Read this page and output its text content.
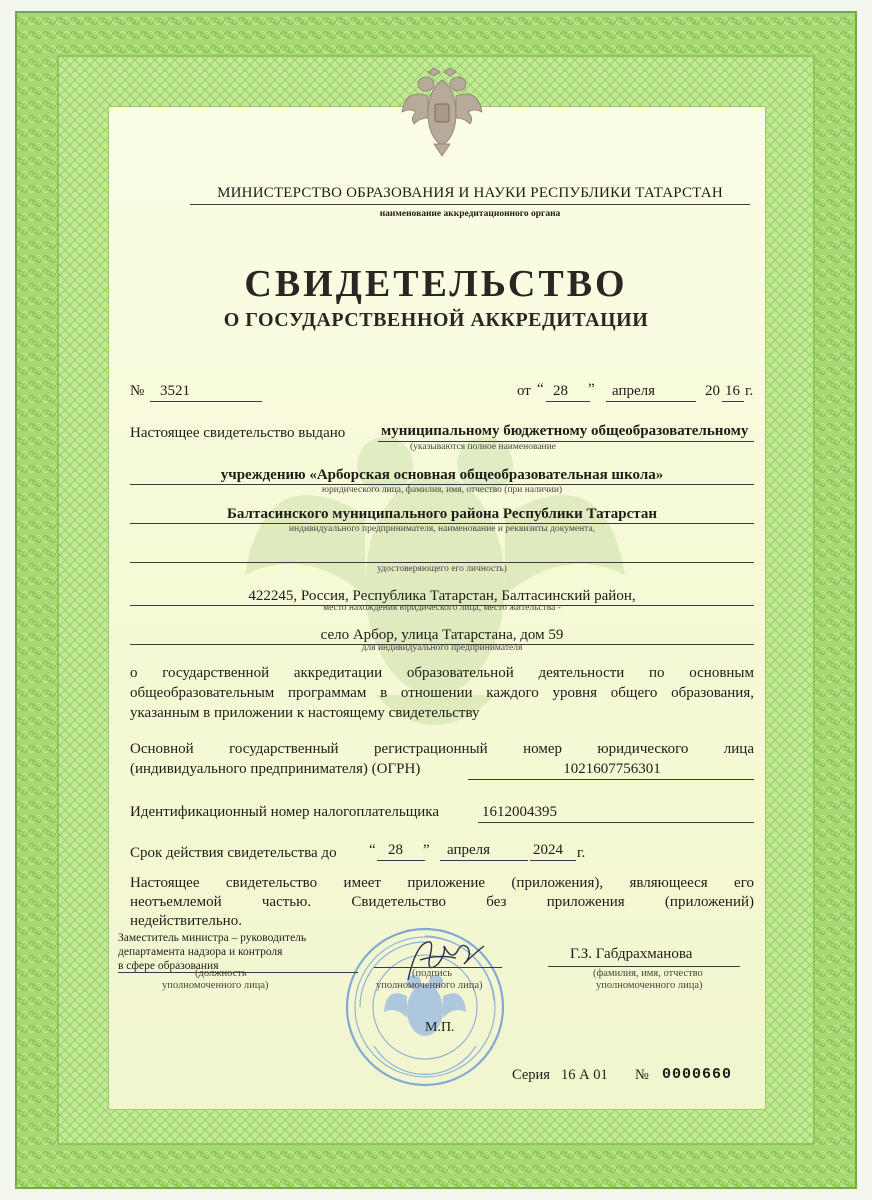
МИНИСТЕРСТВО ОБРАЗОВАНИЯ И НАУКИ РЕСПУБЛИКИ ТАТАРСТАН
наименование аккредитационного органа
СВИДЕТЕЛЬСТВО
О ГОСУДАРСТВЕННОЙ АККРЕДИТАЦИИ
№ 3521	от “ 28 ” апреля	20 16 г.
Настоящее свидетельство выдано муниципальному бюджетному общеобразовательному
(указываются полное наименование
учреждению «Арборская основная общеобразовательная школа»
юридического лица, фамилия, имя, отчество (при наличии)
Балтасинского муниципального района Республики Татарстан
индивидуального предпринимателя, наименование и реквизиты документа,
удостоверяющего его личность)
422245, Россия, Республика Татарстан, Балтасинский район,
место нахождения юридического лица, место жительства -
село Арбор, улица Татарстана, дом 59
для индивидуального предпринимателя
о государственной аккредитации образовательной деятельности по основным
общеобразовательным программам в отношении каждого уровня общего образования,
указанным в приложении к настоящему свидетельству
Основной государственный регистрационный номер юридического лица
(индивидуального предпринимателя) (ОГРН)	1021607756301
Идентификационный номер налогоплательщика	1612004395
Срок действия свидетельства до “ 28 ” апреля	2024 г.
Настоящее свидетельство имеет приложение (приложения), являющееся его
неотъемлемой частью. Свидетельство без приложения (приложений)
недействительно.
Заместитель министра – руководитель
департамента надзора и контроля
в сфере образования
(должность
уполномоченного лица)
(подпись
уполномоченного лица)
Г.З. Габдрахманова
(фамилия, имя, отчество
уполномоченного лица)
М.П.
Серия 16 А 01 № 0000660
